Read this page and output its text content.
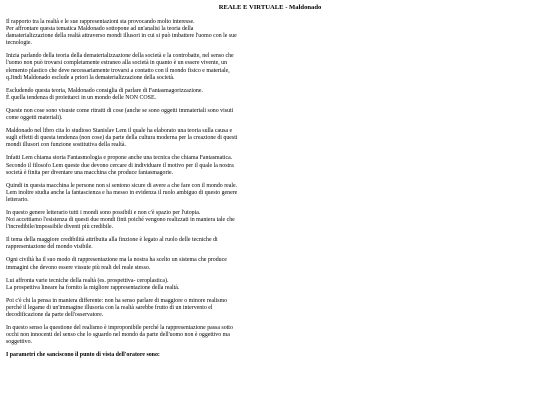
REALE E VIRTUALE - Maldonado

Il rapporto tra la realtà e le sue rappresentazioni sta provocando molto interesse.
Per affrontare questa tematica Maldonado sottopone ad un'analisi la teoria della
damaterializzazione della realtà attraverso mondi illusori in cui si può imbattere l'uomo con le sue
tecnologie.

Inizia parlando della teoria della dematerializzazione della società e la controbatte, nel senso che
l'uomo non può trovarsi completamente estraneo alla società in quanto è un essere vivente, un
elemento plastico che deve necessariamente trovarsi a contatto con il mondo fisico e materiale,
q.Jindi Maldonado esclude a priori la dematerializzazione della società.

Escludendo questa teoria, Maldonado consiglia di parlare di Fantasmagorizzazione.
È quella tendenza di proiettarci in un mondo delle NON COSE.

Queste non cose sono visuste come ritratti di cose (anche se sono oggetti immateriali sono visuti
come oggetti materiali).

Maldonado nel libro cita lo studioso Stanislav Lem il quale ha elaborato una teoria sulla causa e
sugli effetti di questa tendenza (non cose) da parte della cultura moderna per la creazione di questi
mondi illusori con funzione sostitutiva della realtà.

Infatti Lem chiama storia Fantasmologia e propone anche una tecnica che chiama Fantasmatica.
Secondo il filosofo Lem queste due devono cercare di individuare il motivo per il quale la nostra
società è finita per diventare una macchina che produce fantasmagorie.

Quindi in questa macchina le persone non si sentono sicure di avere a che fare con il mondo reale.
Lem inoltre studia anche la fantascienza e ha messo in evidenza il ruolo ambiguo di questo genere
letterario.

In questo genere letterario tutti i mondi sono possibili e non c'è spazio per l'utopia.
Noi accettiamo l'esistenza di questi due mondi finti poiché vengono realizzati in maniera tale che
l'incredibile/impossibile diventi più credibile.

Il tema della maggiore credibilità attribuita alla finzione è legato al ruolo delle tecniche di
rappresentazione del mondo visibile.

Ogni civiltà ha il suo modo di rappresentazione ma la nostra ha scelto un sistema che produce
immagini che devono essere vissute più reali del reale stesso.

Lui affronta varie tecniche della realtà (es. prospettiva- ceroplastica).
La prospettiva lineare ha fornito la migliore rappresentazione della realtà.

Poi c'è chi la pensa in maniera differente: non ha senso parlare di maggiore o minore realismo
perché il legame di un'immagine illusoria con la realtà sarebbe frutto di un intervento el
decodificazione da parte dell'osservatore.

In questo senso la questione del realismo è improponibile perché la rappresentazione passa sotto
occhi non innocenti del senso che lo sguardo nel mondo da parte dell'uomo non è oggettivo ma
soggettivo.

I parametri che sanciscono il punto di vista dell'oratore sono:
